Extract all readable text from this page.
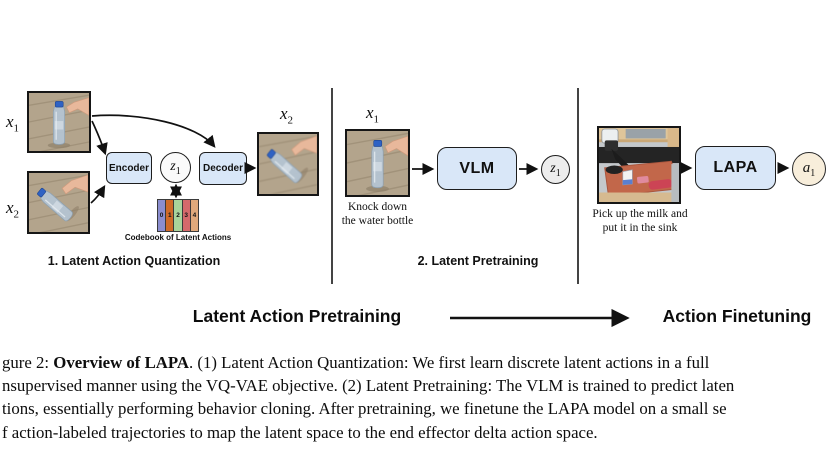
$x_1$
$x_2$
Encoder $z_1$ Decoder
$x_2$
0 1 2 3 4
Codebook of Latent Actions
1. Latent Action Quantization
$x_1$
Knock down
the water bottle
VLM	$z_1$
2. Latent Pretraining
Pick up the milk and
put it in the sink
LAPA	$a_1$
Latent Action Pretraining	Action Finetuning
gure 2: Overview of LAPA. (1) Latent Action Quantization: We first learn discrete latent actions in a full
nsupervised manner using the VQ-VAE objective. (2) Latent Pretraining: The VLM is trained to predict laten
tions, essentially performing behavior cloning. After pretraining, we finetune the LAPA model on a small se
f action-labeled trajectories to map the latent space to the end effector delta action space.
